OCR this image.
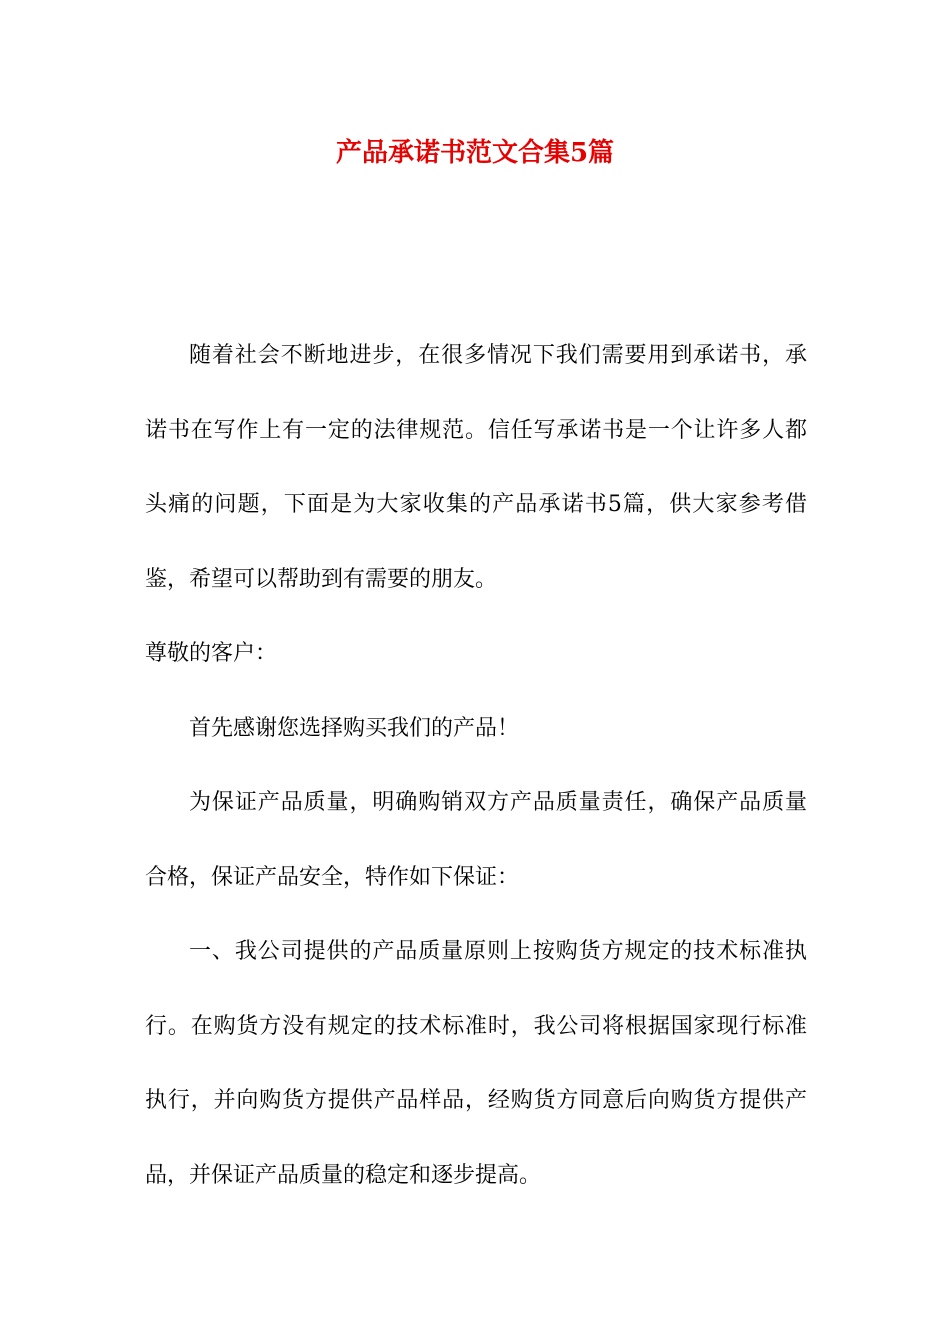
产品承诺书范文合集5篇
随着社会不断地进步，在很多情况下我们需要用到承诺书，承
诺书在写作上有一定的法律规范。信任写承诺书是一个让许多人都
头痛的问题，下面是为大家收集的产品承诺书5篇，供大家参考借
鉴，希望可以帮助到有需要的朋友。
尊敬的客户：
首先感谢您选择购买我们的产品！
为保证产品质量，明确购销双方产品质量责任，确保产品质量
合格，保证产品安全，特作如下保证：
一、我公司提供的产品质量原则上按购货方规定的技术标准执
行。在购货方没有规定的技术标准时，我公司将根据国家现行标准
执行，并向购货方提供产品样品，经购货方同意后向购货方提供产
品，并保证产品质量的稳定和逐步提高。
